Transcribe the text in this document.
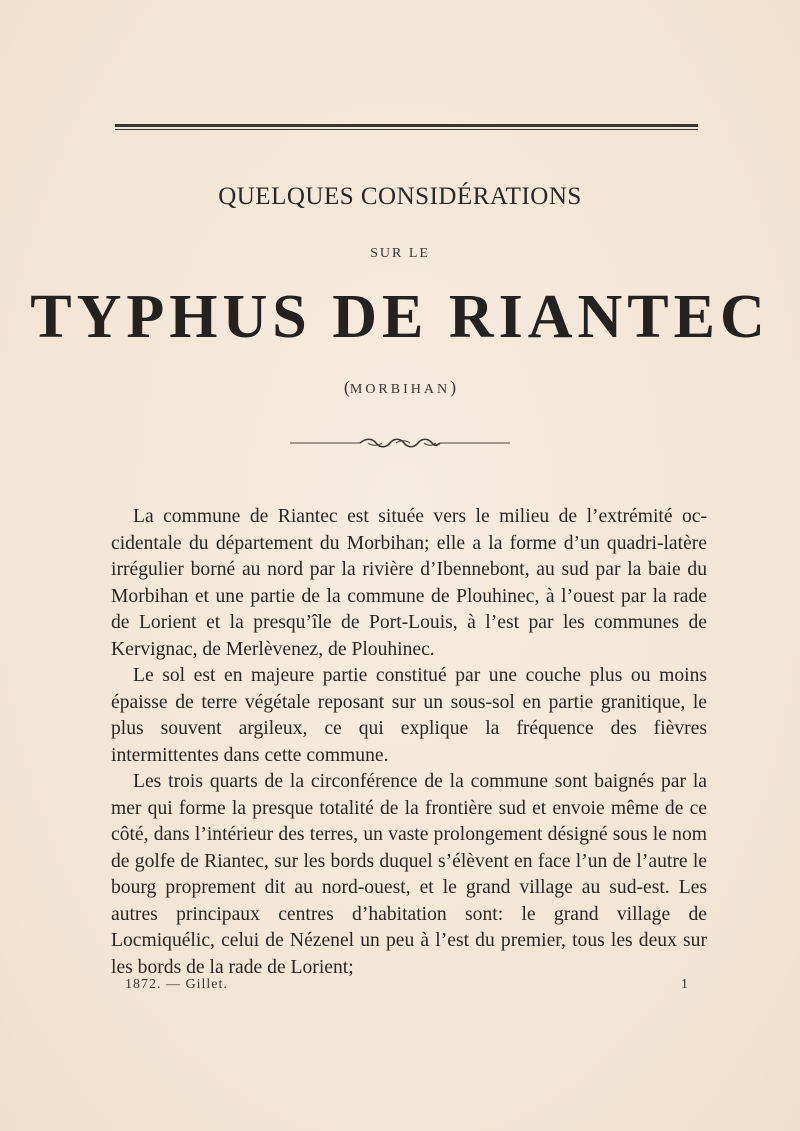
QUELQUES CONSIDÉRATIONS
SUR LE
TYPHUS DE RIANTEC
(MORBIHAN)

La commune de Riantec est située vers le milieu de l’extrémité oc-cidentale du département du Morbihan; elle a la forme d’un quadri-latère irrégulier borné au nord par la rivière d’Ibennebont, au sud par la baie du Morbihan et une partie de la commune de Plouhinec, à l’ouest par la rade de Lorient et la presqu’île de Port-Louis, à l’est par les communes de Kervignac, de Merlèvenez, de Plouhinec.

Le sol est en majeure partie constitué par une couche plus ou moins épaisse de terre végétale reposant sur un sous-sol en partie granitique, le plus souvent argileux, ce qui explique la fréquence des fièvres intermittentes dans cette commune.

Les trois quarts de la circonférence de la commune sont baignés par la mer qui forme la presque totalité de la frontière sud et envoie même de ce côté, dans l’intérieur des terres, un vaste prolongement désigné sous le nom de golfe de Riantec, sur les bords duquel s’élèvent en face l’un de l’autre le bourg proprement dit au nord-ouest, et le grand village au sud-est. Les autres principaux centres d’habitation sont: le grand village de Locmiquélic, celui de Nézenel un peu à l’est du premier, tous les deux sur les bords de la rade de Lorient;

1872. — Gillet.	1
